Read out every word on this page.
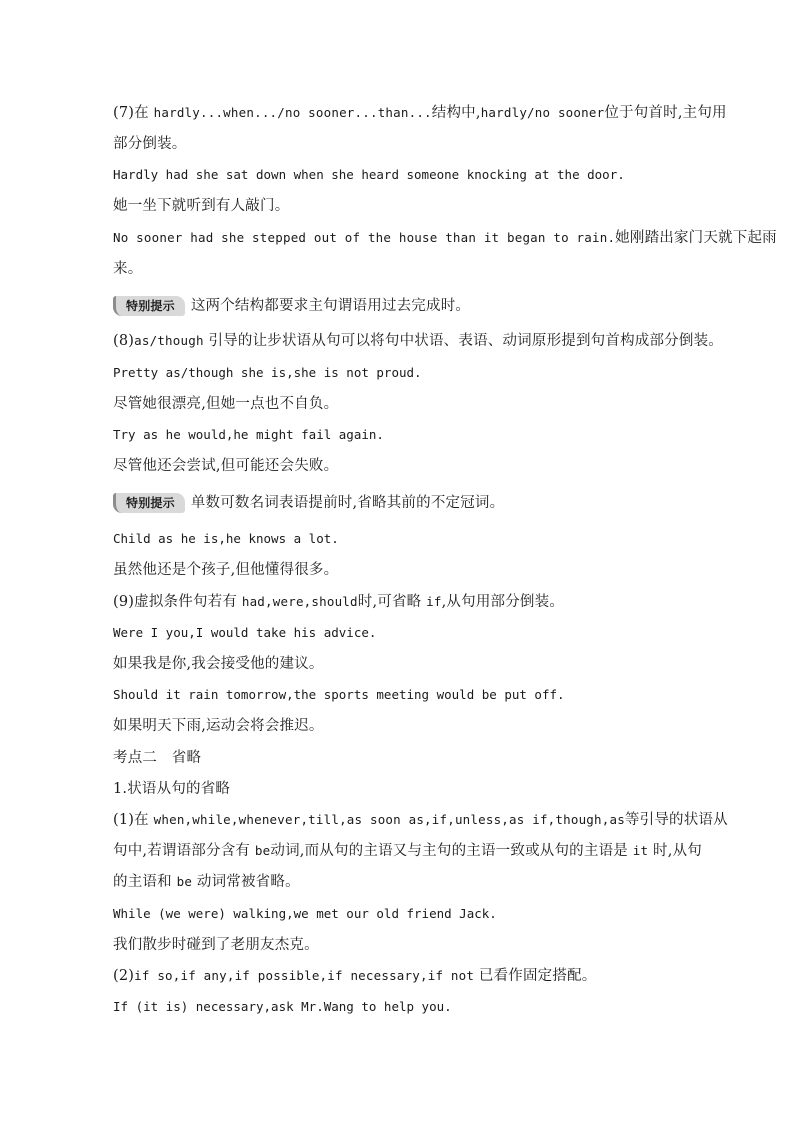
(7)在 hardly...when.../no sooner...than...结构中,hardly/no sooner位于句首时,主句用

部分倒装。

Hardly had she sat down when she heard someone knocking at the door.

她一坐下就听到有人敲门。

No sooner had she stepped out of the house than it began to rain.她刚踏出家门天就下起雨

来。

特别提示	这两个结构都要求主句谓语用过去完成时。

(8)as/though 引导的让步状语从句可以将句中状语、表语、动词原形提到句首构成部分倒装。

Pretty as/though she is,she is not proud.

尽管她很漂亮,但她一点也不自负。

Try as he would,he might fail again.

尽管他还会尝试,但可能还会失败。

特别提示	单数可数名词表语提前时,省略其前的不定冠词。

Child as he is,he knows a lot.

虽然他还是个孩子,但他懂得很多。

(9)虚拟条件句若有 had,were,should时,可省略 if,从句用部分倒装。

Were I you,I would take his advice.

如果我是你,我会接受他的建议。

Should it rain tomorrow,the sports meeting would be put off.

如果明天下雨,运动会将会推迟。

考点二　省略

1.状语从句的省略

(1)在 when,while,whenever,till,as soon as,if,unless,as if,though,as等引导的状语从

句中,若谓语部分含有 be动词,而从句的主语又与主句的主语一致或从句的主语是 it 时,从句

的主语和 be 动词常被省略。

While (we were) walking,we met our old friend Jack.

我们散步时碰到了老朋友杰克。

(2)if so,if any,if possible,if necessary,if not 已看作固定搭配。

If (it is) necessary,ask Mr.Wang to help you.
